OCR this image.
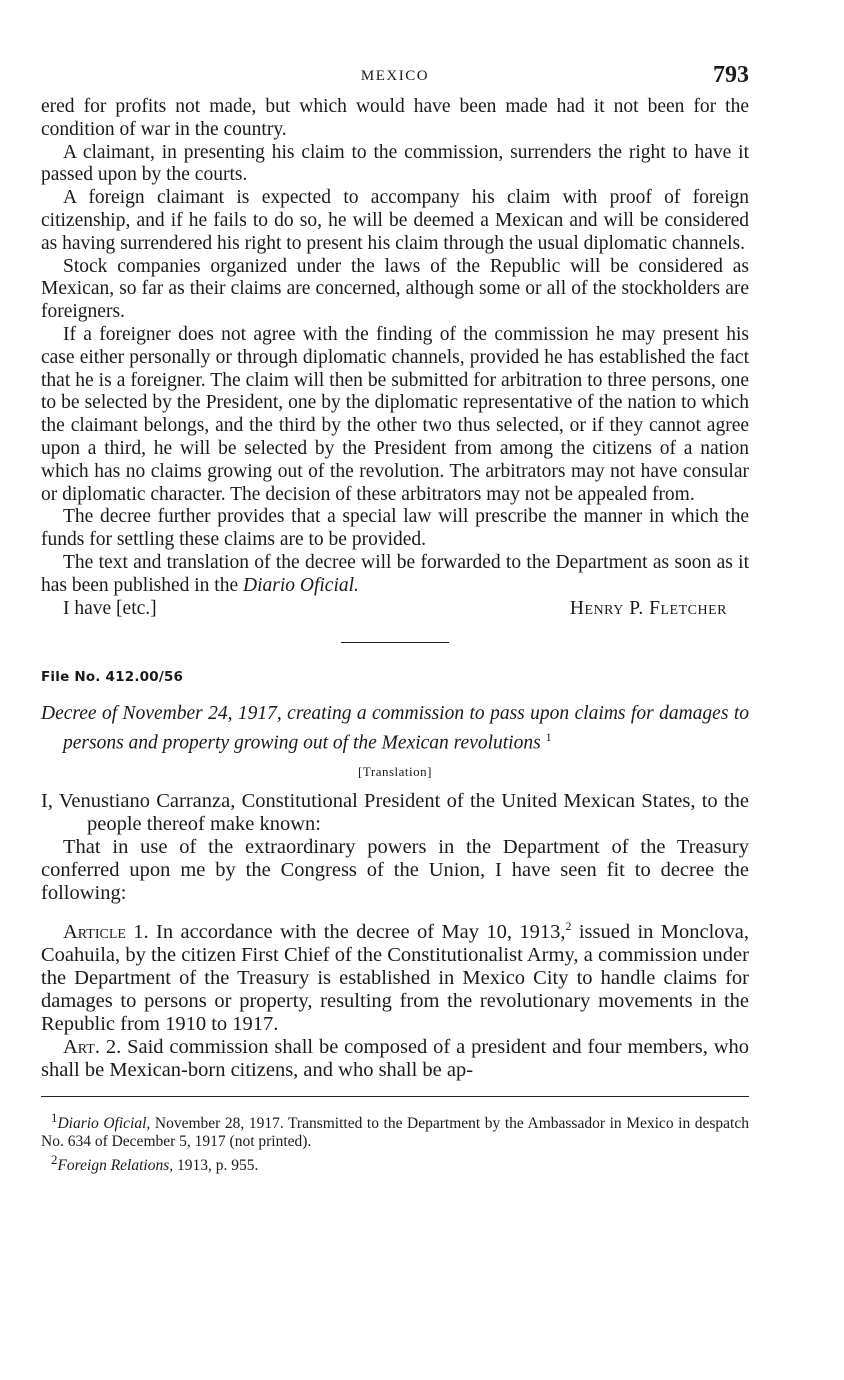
MEXICO	793

ered for profits not made, but which would have been made had it not been for the condition of war in the country.

A claimant, in presenting his claim to the commission, surrenders the right to have it passed upon by the courts.

A foreign claimant is expected to accompany his claim with proof of foreign citizenship, and if he fails to do so, he will be deemed a Mexican and will be considered as having surrendered his right to present his claim through the usual diplomatic channels.

Stock companies organized under the laws of the Republic will be considered as Mexican, so far as their claims are concerned, although some or all of the stockholders are foreigners.

If a foreigner does not agree with the finding of the commission he may present his case either personally or through diplomatic channels, provided he has established the fact that he is a foreigner. The claim will then be submitted for arbitration to three persons, one to be selected by the President, one by the diplomatic representative of the nation to which the claimant belongs, and the third by the other two thus selected, or if they cannot agree upon a third, he will be selected by the President from among the citizens of a nation which has no claims growing out of the revolution. The arbitrators may not have consular or diplomatic character. The decision of these arbitrators may not be appealed from.

The decree further provides that a special law will prescribe the manner in which the funds for settling these claims are to be provided.

The text and translation of the decree will be forwarded to the Department as soon as it has been published in the Diario Oficial.

I have [etc.]	Henry P. Fletcher
File No. 412.00/56
Decree of November 24, 1917, creating a commission to pass upon claims for damages to persons and property growing out of the Mexican revolutions $^1$
[Translation]

I, Venustiano Carranza, Constitutional President of the United Mexican States, to the people thereof make known:

That in use of the extraordinary powers in the Department of the Treasury conferred upon me by the Congress of the Union, I have seen fit to decree the following:

Article 1. In accordance with the decree of May 10, 1913,$^2$ issued in Monclova, Coahuila, by the citizen First Chief of the Constitutionalist Army, a commission under the Department of the Treasury is established in Mexico City to handle claims for damages to persons or property, resulting from the revolutionary movements in the Republic from 1910 to 1917.

Art. 2. Said commission shall be composed of a president and four members, who shall be Mexican-born citizens, and who shall be ap-

$^1$Diario Oficial, November 28, 1917. Transmitted to the Department by the Ambassador in Mexico in despatch No. 634 of December 5, 1917 (not printed).

$^2$Foreign Relations, 1913, p. 955.
